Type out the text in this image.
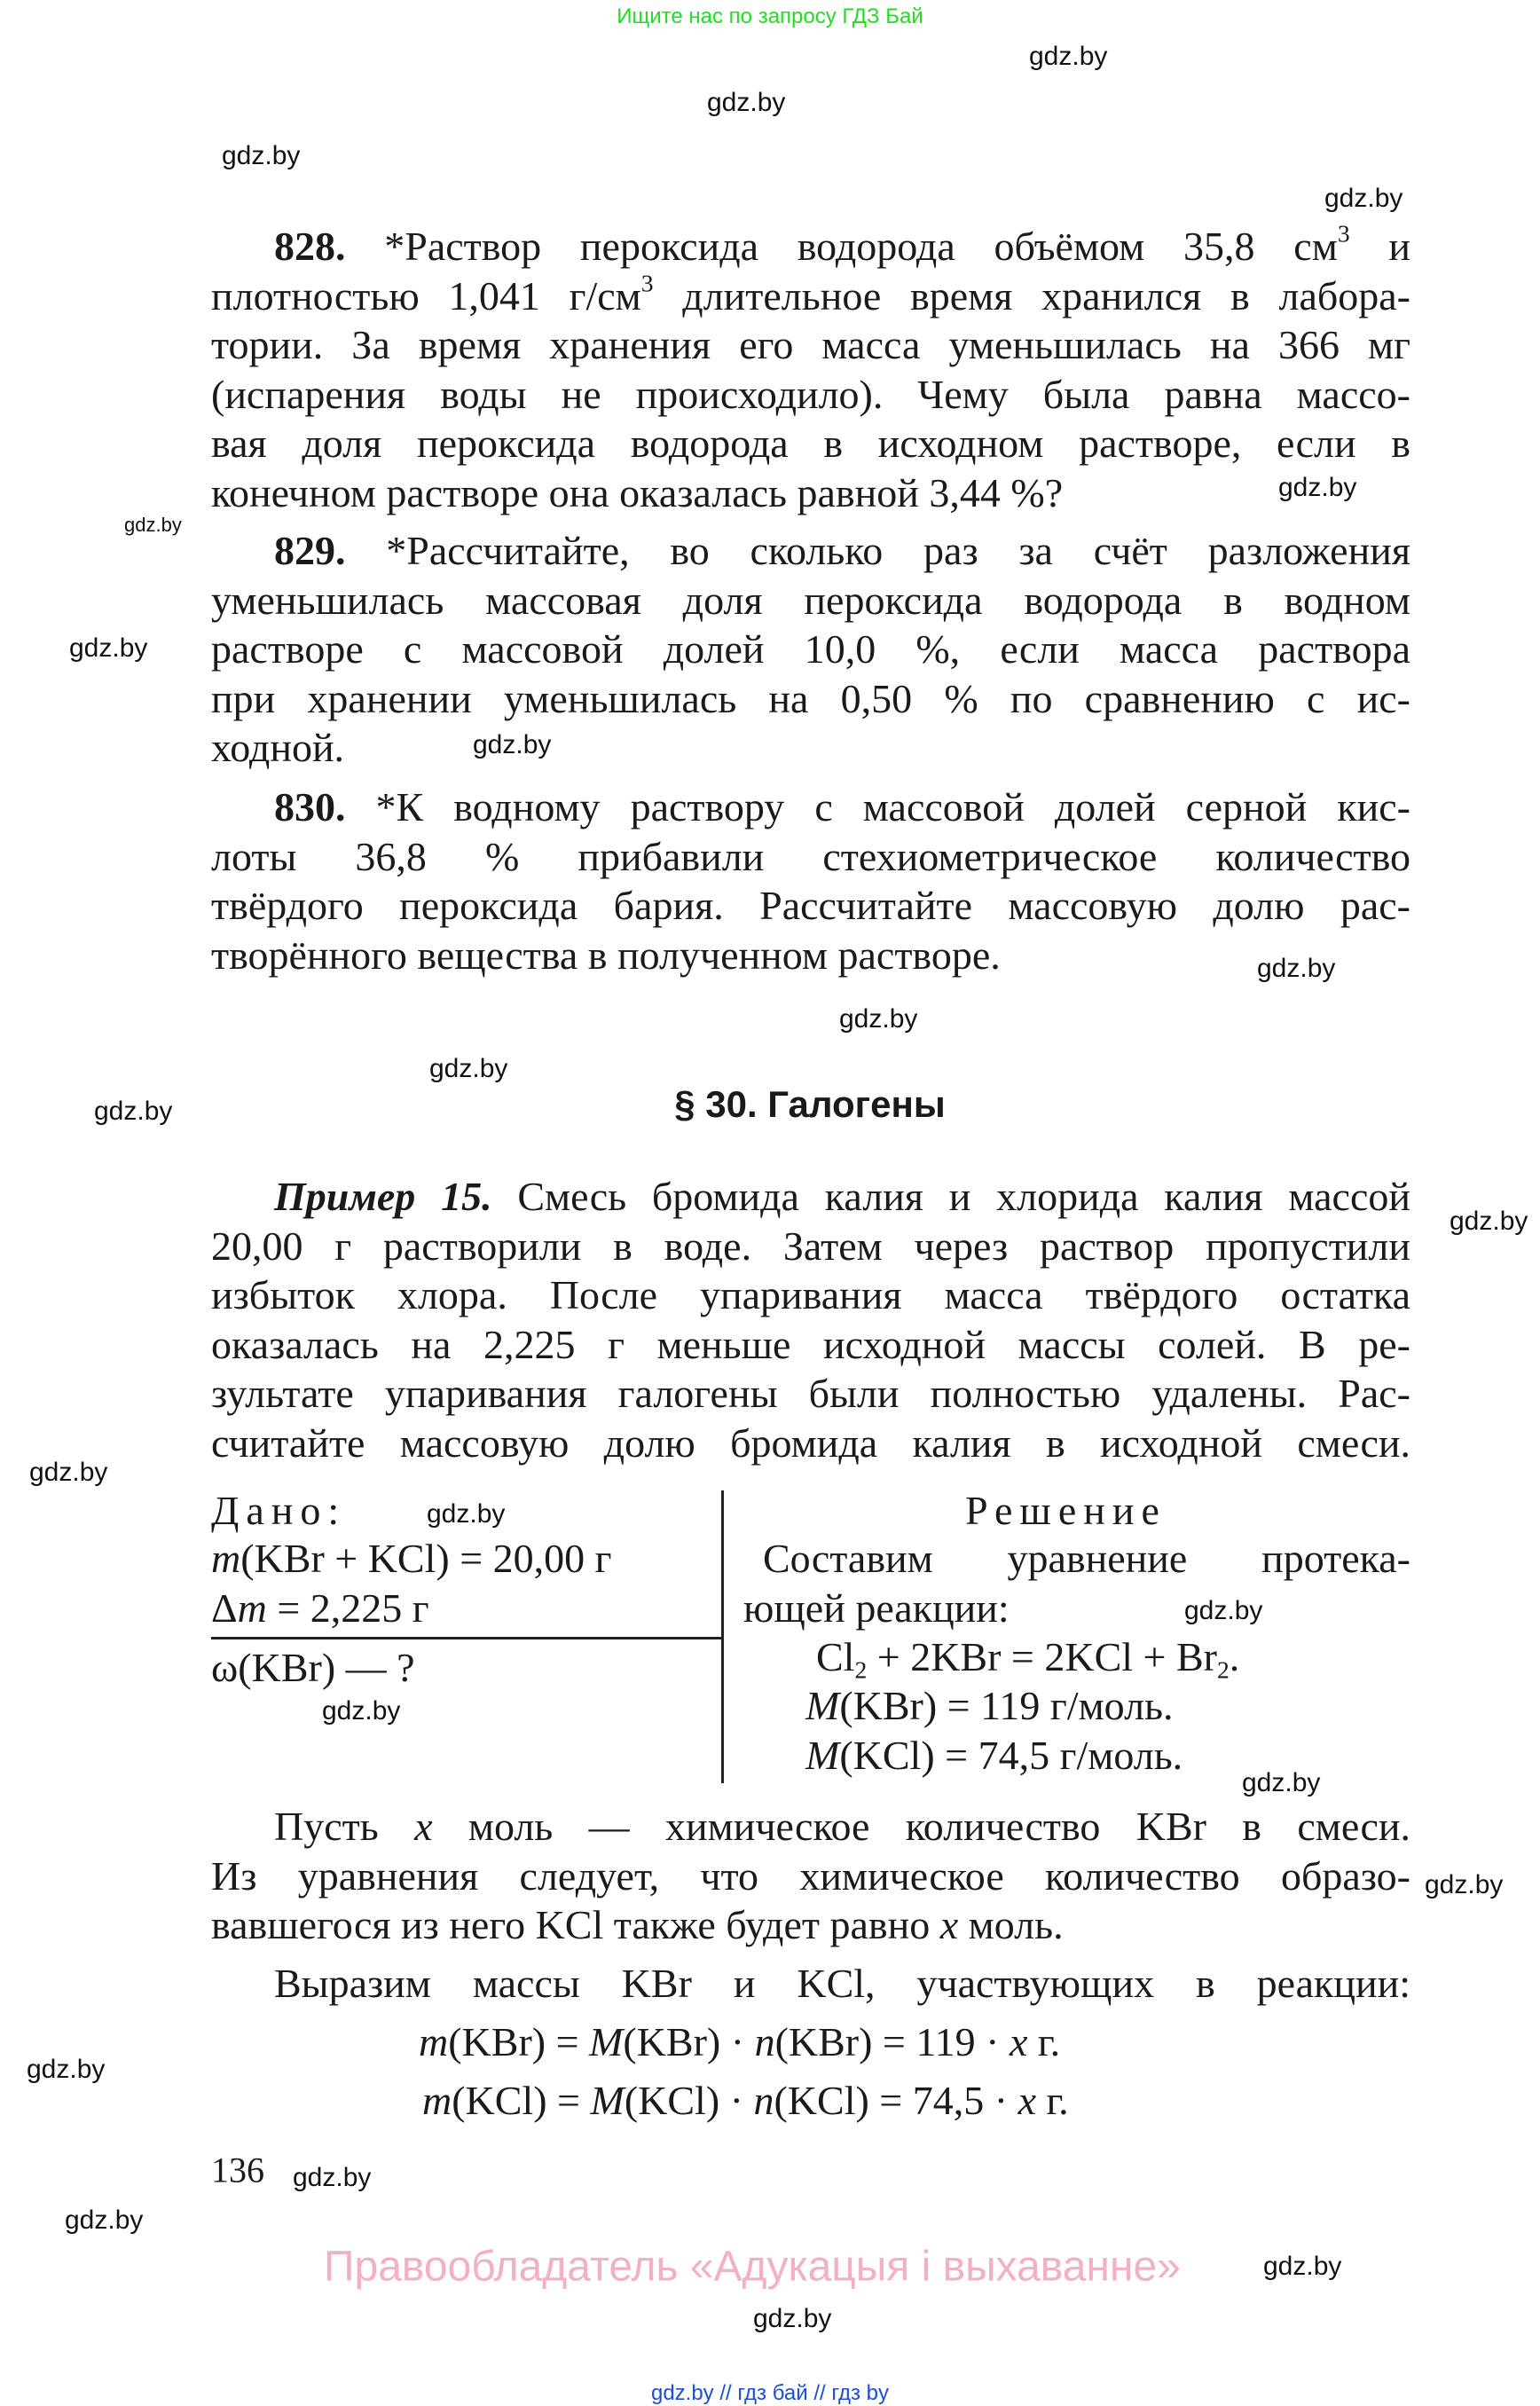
Ищите нас по запросу ГДЗ Бай
gdz.by
gdz.by
gdz.by
gdz.by
gdz.by
gdz.by
gdz.by
gdz.by
gdz.by
gdz.by
gdz.by
gdz.by
gdz.by
gdz.by
gdz.by
gdz.by
gdz.by
gdz.by
gdz.by
gdz.by
gdz.by
gdz.by
gdz.by
gdz.by
828. *Раствор пероксида водорода объёмом 35,8 $см^3$ и
плотностью 1,041 $г/см^3$ длительное время хранился в лабора-
тории. За время хранения его масса уменьшилась на 366 мг
(испарения воды не происходило). Чему была равна массо-
вая доля пероксида водорода в исходном растворе, если в
конечном растворе она оказалась равной 3,44 %?
829. *Рассчитайте, во сколько раз за счёт разложения
уменьшилась массовая доля пероксида водорода в водном
растворе с массовой долей 10,0 %, если масса раствора
при хранении уменьшилась на 0,50 % по сравнению с ис-
ходной.
830. *К водному раствору с массовой долей серной кис-
лоты 36,8 % прибавили стехиометрическое количество
твёрдого пероксида бария. Рассчитайте массовую долю рас-
творённого вещества в полученном растворе.
§ 30. Галогены
Пример 15. Смесь бромида калия и хлорида калия массой
20,00 г растворили в воде. Затем через раствор пропустили
избыток хлора. После упаривания масса твёрдого остатка
оказалась на 2,225 г меньше исходной массы солей. В ре-
зультате упаривания галогены были полностью удалены. Рас-
считайте массовую долю бромида калия в исходной смеси.
Дано:
m(KBr + KCl) = 20,00 г
Δm = 2,225 г
ω(KBr) — ?
Решение
Составим уравнение протека-
ющей реакции:
$Cl_2 + 2KBr = 2KCl + Br_2$.
M(KBr) = 119 г/моль.
M(KCl) = 74,5 г/моль.
Пусть x моль — химическое количество KBr в смеси.
Из уравнения следует, что химическое количество образо-
вавшегося из него KCl также будет равно x моль.
Выразим массы KBr и KCl, участвующих в реакции:
m(KBr) = M(KBr) · n(KBr) = 119 · x г.
m(KCl) = M(KCl) · n(KCl) = 74,5 · x г.
136
Правообладатель «Адукацыя і выхаванне»
gdz.by // гдз бай // гдз by
